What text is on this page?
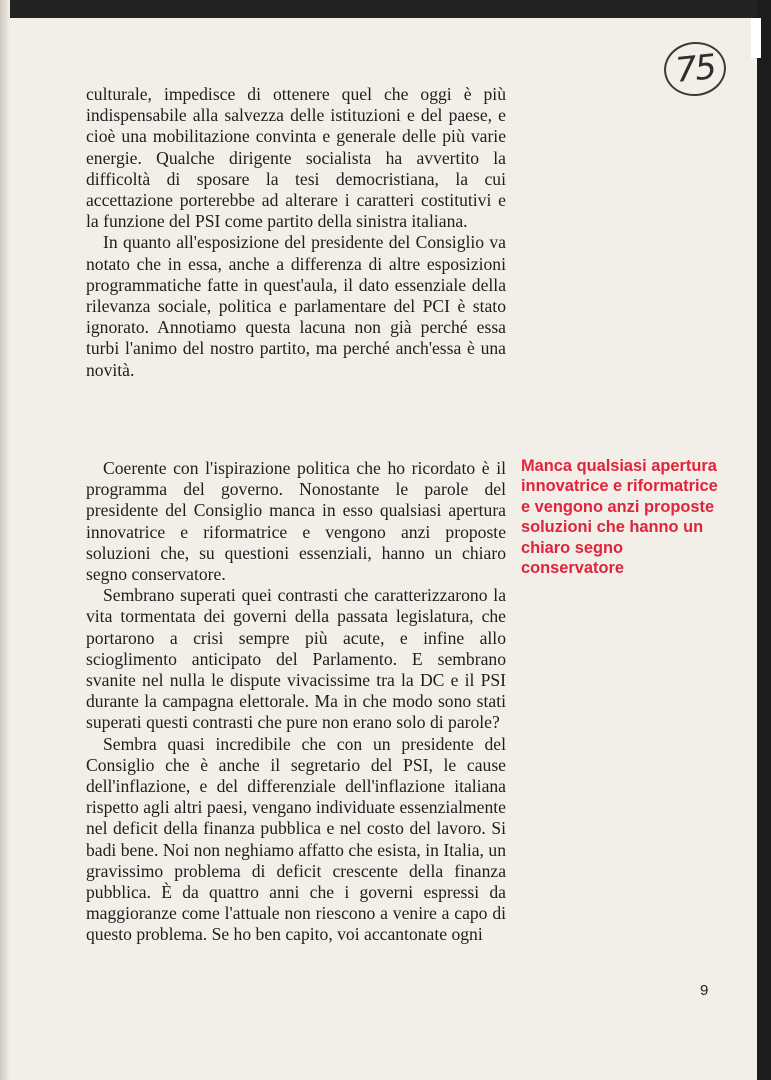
75

culturale, impedisce di ottenere quel che oggi è più indispensabile alla salvezza delle istituzioni e del paese, e cioè una mobilitazione convinta e generale delle più varie energie. Qualche dirigente socialista ha avvertito la difficoltà di sposare la tesi democristiana, la cui accettazione porterebbe ad alterare i caratteri costitutivi e la funzione del PSI come partito della sinistra italiana.

In quanto all'esposizione del presidente del Consiglio va notato che in essa, anche a differenza di altre esposizioni programmatiche fatte in quest'aula, il dato essenziale della rilevanza sociale, politica e parlamentare del PCI è stato ignorato. Annotiamo questa lacuna non già perché essa turbi l'animo del nostro partito, ma perché anch'essa è una novità.

Coerente con l'ispirazione politica che ho ricordato è il programma del governo. Nonostante le parole del presidente del Consiglio manca in esso qualsiasi apertura innovatrice e riformatrice e vengono anzi proposte soluzioni che, su questioni essenziali, hanno un chiaro segno conservatore.

Sembrano superati quei contrasti che caratterizzarono la vita tormentata dei governi della passata legislatura, che portarono a crisi sempre più acute, e infine allo scioglimento anticipato del Parlamento. E sembrano svanite nel nulla le dispute vivacissime tra la DC e il PSI durante la campagna elettorale. Ma in che modo sono stati superati questi contrasti che pure non erano solo di parole?

Sembra quasi incredibile che con un presidente del Consiglio che è anche il segretario del PSI, le cause dell'inflazione, e del differenziale dell'inflazione italiana rispetto agli altri paesi, vengano individuate essenzialmente nel deficit della finanza pubblica e nel costo del lavoro. Si badi bene. Noi non neghiamo affatto che esista, in Italia, un gravissimo problema di deficit crescente della finanza pubblica. È da quattro anni che i governi espressi da maggioranze come l'attuale non riescono a venire a capo di questo problema. Se ho ben capito, voi accantonate ogni

Manca qualsiasi apertura innovatrice e riformatrice e vengono anzi proposte soluzioni che hanno un chiaro segno conservatore
9
